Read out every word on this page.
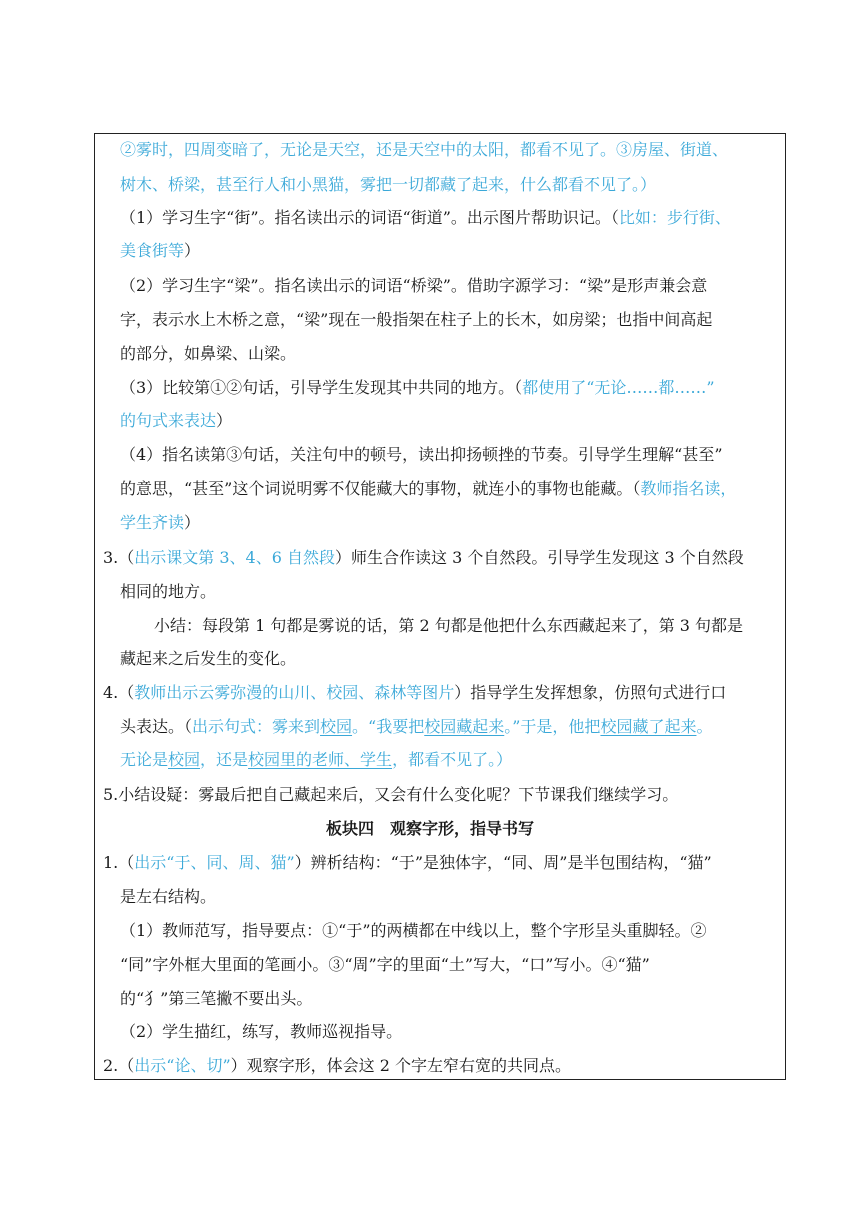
②雾时，四周变暗了，无论是天空，还是天空中的太阳，都看不见了。③房屋、街道、
树木、桥梁，甚至行人和小黑猫，雾把一切都藏了起来，什么都看不见了。）
（1）学习生字“街”。指名读出示的词语“街道”。出示图片帮助识记。（比如：步行街、
美食街等）
（2）学习生字“梁”。指名读出示的词语“桥梁”。借助字源学习：“梁”是形声兼会意
字，表示水上木桥之意，“梁”现在一般指架在柱子上的长木，如房梁；也指中间高起
的部分，如鼻梁、山梁。
（3）比较第①②句话，引导学生发现其中共同的地方。（都使用了“无论……都……”
的句式来表达）
（4）指名读第③句话，关注句中的顿号，读出抑扬顿挫的节奏。引导学生理解“甚至”
的意思，“甚至”这个词说明雾不仅能藏大的事物，就连小的事物也能藏。（教师指名读，
学生齐读）
3.（出示课文第 3、4、6 自然段）师生合作读这 3 个自然段。引导学生发现这 3 个自然段
相同的地方。
小结：每段第 1 句都是雾说的话，第 2 句都是他把什么东西藏起来了，第 3 句都是
藏起来之后发生的变化。
4.（教师出示云雾弥漫的山川、校园、森林等图片）指导学生发挥想象，仿照句式进行口
头表达。（出示句式：雾来到校园。“我要把校园藏起来。”于是，他把校园藏了起来。
无论是校园，还是校园里的老师、学生，都看不见了。）
5.小结设疑：雾最后把自己藏起来后，又会有什么变化呢？下节课我们继续学习。
板块四　观察字形，指导书写
1.（出示“于、同、周、猫”）辨析结构：“于”是独体字，“同、周”是半包围结构，“猫”
是左右结构。
（1）教师范写，指导要点：①“于”的两横都在中线以上，整个字形呈头重脚轻。②
“同”字外框大里面的笔画小。③“周”字的里面“土”写大，“口”写小。④“猫”
的“犭”第三笔撇不要出头。
（2）学生描红，练写，教师巡视指导。
2.（出示“论、切”）观察字形，体会这 2 个字左窄右宽的共同点。
